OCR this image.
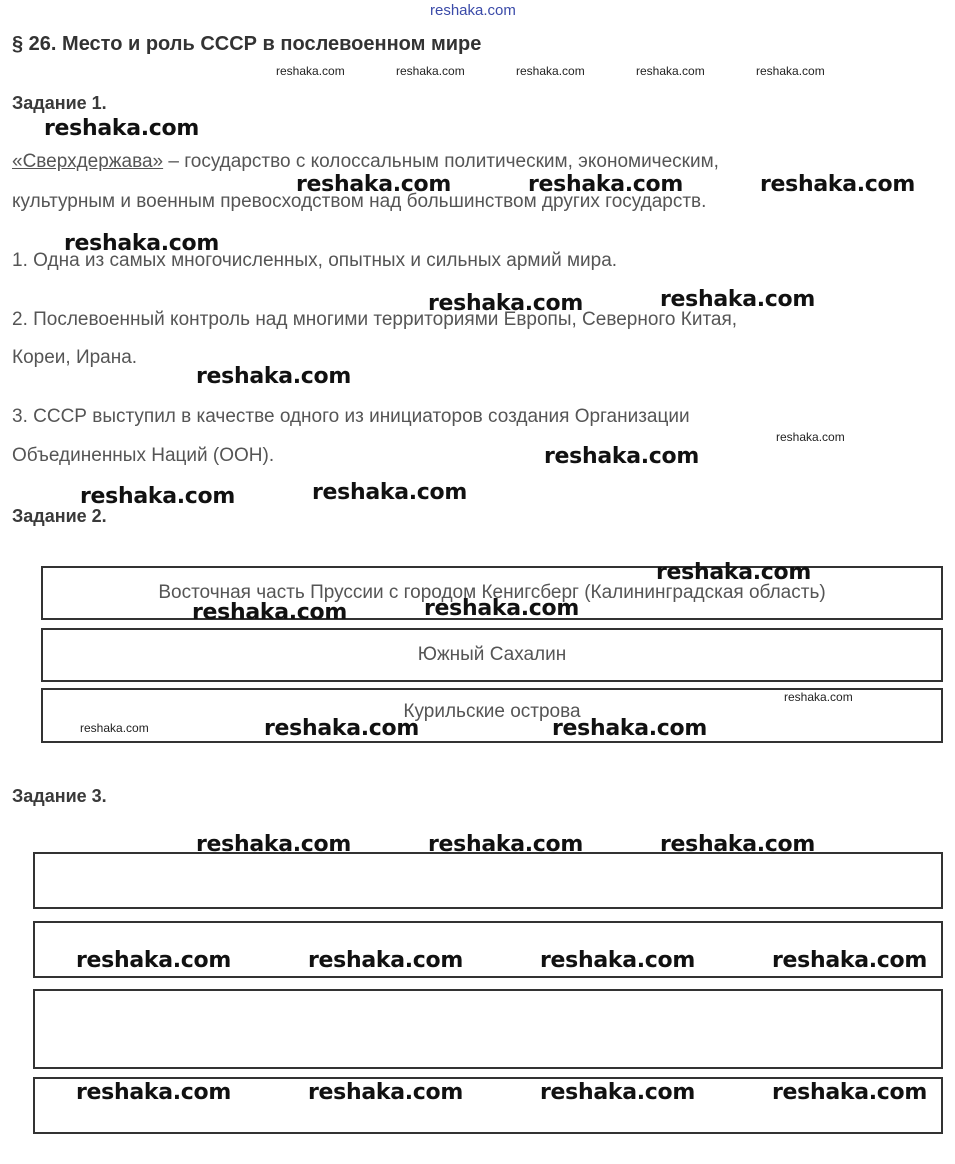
reshaka.com
§ 26. Место и роль СССР в послевоенном мире
reshaka.com	reshaka.com	reshaka.com	reshaka.com	reshaka.com
Задание 1.
reshaka.com
«Сверхдержава» – государство с колоссальным политическим, экономическим,
культурным и военным превосходством над большинством других государств.
reshaka.com	reshaka.com	reshaka.com
reshaka.com
1. Одна из самых многочисленных, опытных и сильных армий мира.
2. Послевоенный контроль над многими территориями Европы, Северного Китая,
Кореи, Ирана.
reshaka.com	reshaka.com
reshaka.com
3. СССР выступил в качестве одного из инициаторов создания Организации
Объединенных Наций (ООН).
reshaka.com
reshaka.com
reshaka.com	reshaka.com
Задание 2.
Восточная часть Пруссии с городом Кенигсберг (Калининградская область)
Южный Сахалин
Курильские острова
reshaka.com
reshaka.com	reshaka.com
reshaka.com
reshaka.com	reshaka.com	reshaka.com
Задание 3.
reshaka.com	reshaka.com	reshaka.com
reshaka.com	reshaka.com	reshaka.com	reshaka.com
reshaka.com	reshaka.com	reshaka.com	reshaka.com
